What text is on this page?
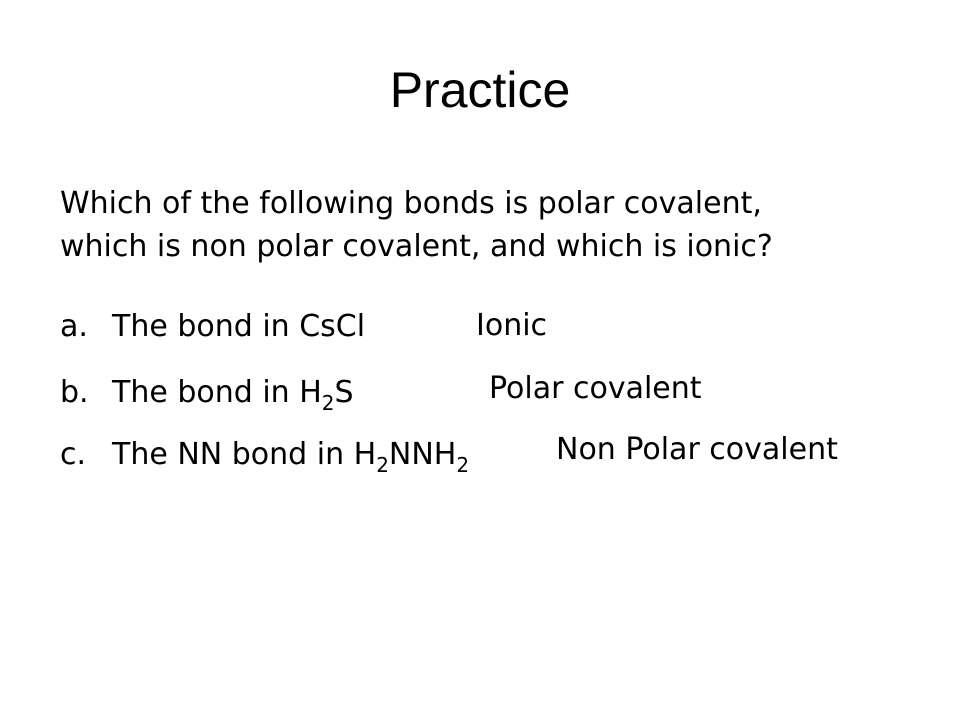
Practice

Which of the following bonds is polar covalent,
which is non polar covalent, and which is ionic?

a. The bond in CsCl	Ionic
b. The bond in $H_2S$	Polar covalent
c. The NN bond in $H_2NNH_2$	Non Polar covalent
